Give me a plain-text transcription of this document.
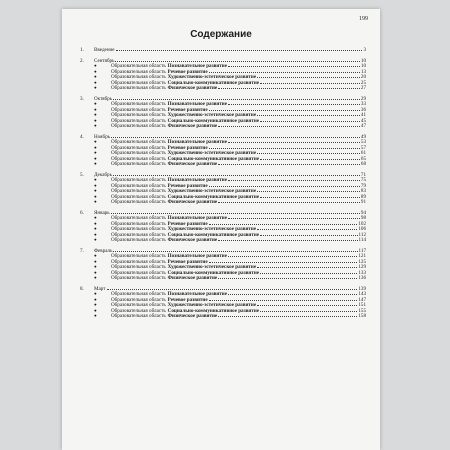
199
Содержание
1.	Введение	3
2.	Сентябрь	10
●	Образовательная область Познавательное развитие	10
●	Образовательная область Речевое развитие	13
●	Образовательная область Художественно-эстетическое развитие	20
●	Образовательная область Социально-коммуникативное развитие	25
●	Образовательная область Физическое развитие	27
3.	Октябрь	29
●	Образовательная область Познавательное развитие	33
●	Образовательная область Речевое развитие	36
●	Образовательная область Художественно-эстетическое развитие	41
●	Образовательная область Социально-коммуникативное развитие	45
●	Образовательная область Физическое развитие	47
4.	Ноябрь	49
●	Образовательная область Познавательное развитие	53
●	Образовательная область Речевое развитие	57
●	Образовательная область Художественно-эстетическое развитие	61
●	Образовательная область Социально-коммуникативное развитие	65
●	Образовательная область Физическое развитие	68
5.	Декабрь	71
●	Образовательная область Познавательное развитие	75
●	Образовательная область Речевое развитие	79
●	Образовательная область Художественно-эстетическое развитие	83
●	Образовательная область Социально-коммуникативное развитие	89
●	Образовательная область Физическое развитие	91
6.	Январь	94
●	Образовательная область Познавательное развитие	98
●	Образовательная область Речевое развитие	102
●	Образовательная область Художественно-эстетическое развитие	106
●	Образовательная область Социально-коммуникативное развитие	112
●	Образовательная область Физическое развитие	114
7.	Февраль	117
●	Образовательная область Познавательное развитие	121
●	Образовательная область Речевое развитие	125
●	Образовательная область Художественно-эстетическое развитие	129
●	Образовательная область Социально-коммуникативное развитие	133
●	Образовательная область Физическое развитие	136
8.	Март	139
●	Образовательная область Познавательное развитие	143
●	Образовательная область Речевое развитие	147
●	Образовательная область Художественно-эстетическое развитие	151
●	Образовательная область Социально-коммуникативное развитие	155
●	Образовательная область Физическое развитие	158
